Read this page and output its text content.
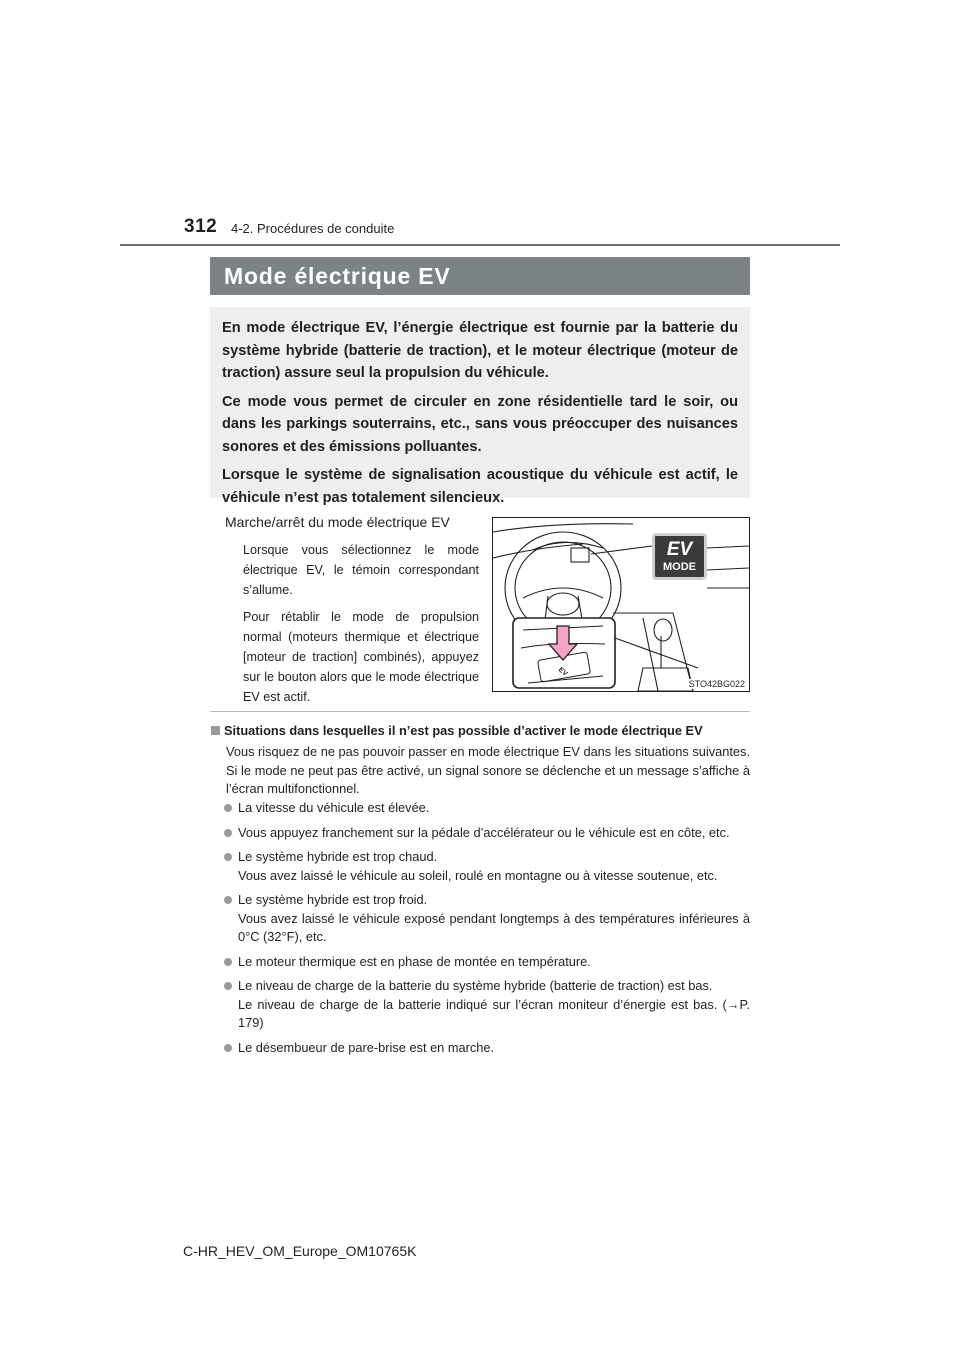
312 4-2. Procédures de conduite
Mode électrique EV

En mode électrique EV, l’énergie électrique est fournie par la batterie du système hybride (batterie de traction), et le moteur électrique (moteur de traction) assure seul la propulsion du véhicule.

Ce mode vous permet de circuler en zone résidentielle tard le soir, ou dans les parkings souterrains, etc., sans vous préoccuper des nuisances sonores et des émissions polluantes.

Lorsque le système de signalisation acoustique du véhicule est actif, le véhicule n’est pas totalement silencieux.

Marche/arrêt du mode électrique EV

Lorsque vous sélectionnez le mode électrique EV, le témoin correspondant s’allume.

Pour rétablir le mode de propulsion normal (moteurs thermique et électrique [moteur de traction] combinés), appuyez sur le bouton alors que le mode électrique EV est actif.

EV
EV
MODE
STO42BG022
Situations dans lesquelles il n’est pas possible d’activer le mode électrique EV
Vous risquez de ne pas pouvoir passer en mode électrique EV dans les situations suivantes. Si le mode ne peut pas être activé, un signal sonore se déclenche et un message s’affiche à l’écran multifonctionnel.
La vitesse du véhicule est élevée.
Vous appuyez franchement sur la pédale d’accélérateur ou le véhicule est en côte, etc.
Le système hybride est trop chaud.
Vous avez laissé le véhicule au soleil, roulé en montagne ou à vitesse soutenue, etc.
Le système hybride est trop froid.
Vous avez laissé le véhicule exposé pendant longtemps à des températures inférieures à 0°C (32°F), etc.
Le moteur thermique est en phase de montée en température.
Le niveau de charge de la batterie du système hybride (batterie de traction) est bas.
Le niveau de charge de la batterie indiqué sur l’écran moniteur d’énergie est bas. (→P. 179)
Le désembueur de pare-brise est en marche.
C-HR_HEV_OM_Europe_OM10765K
